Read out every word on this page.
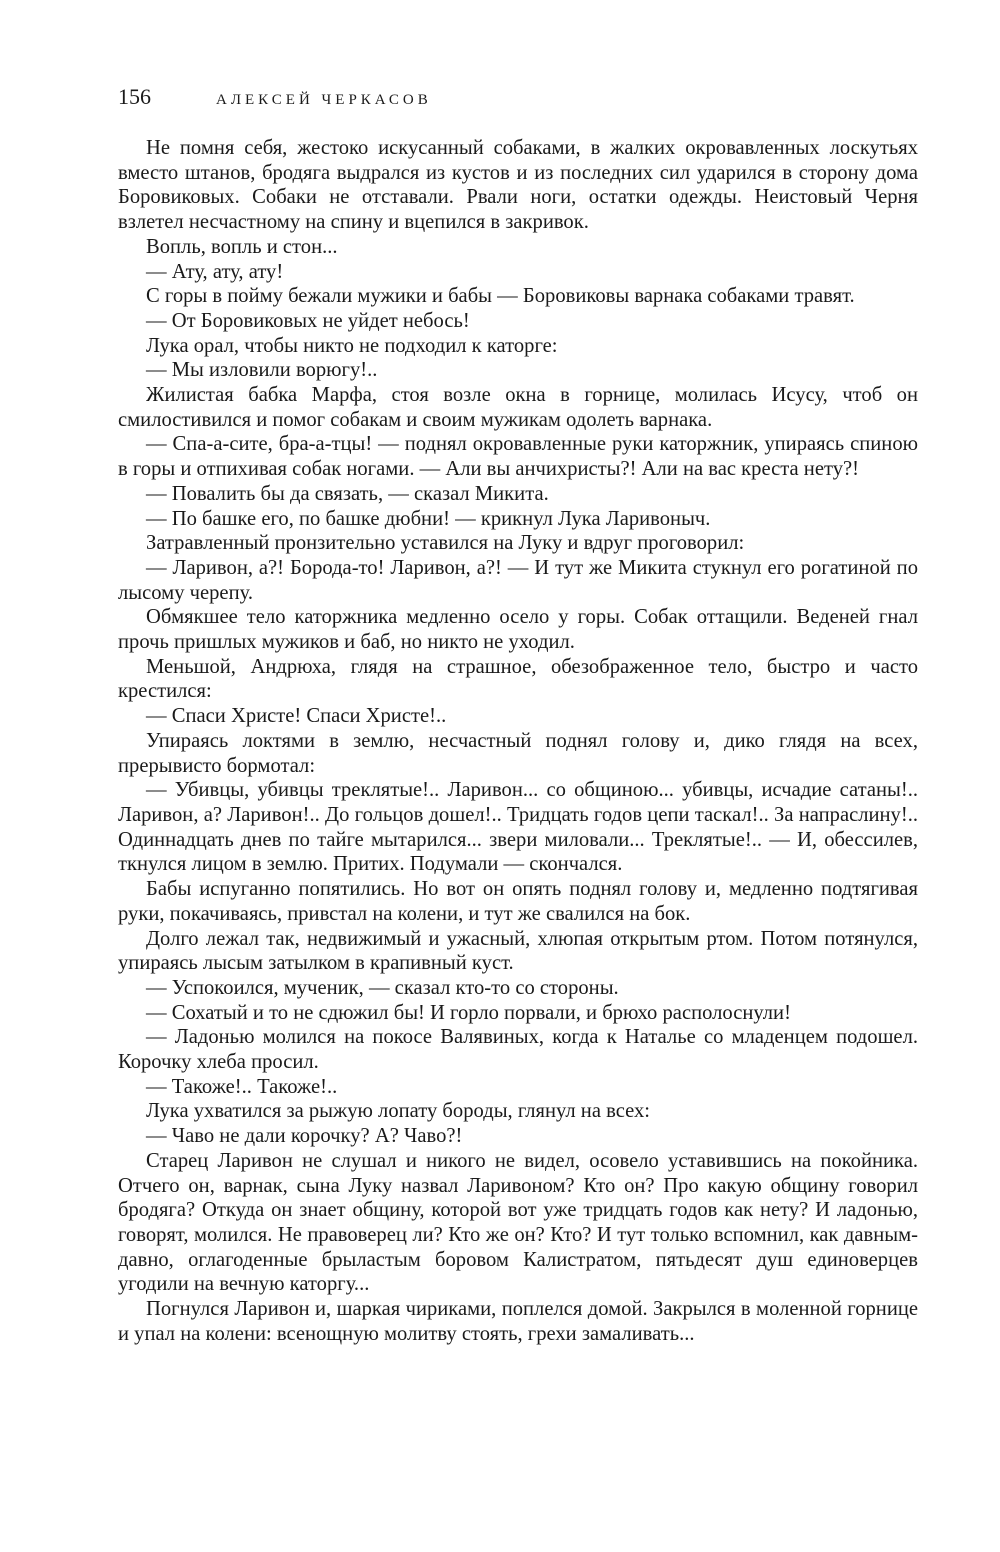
156	АЛЕКСЕЙ ЧЕРКАСОВ

Не помня себя, жестоко искусанный собаками, в жалких окровавленных лоскутьях вместо штанов, бродяга выдрался из кустов и из последних сил ударился в сторону дома Боровиковых. Собаки не отставали. Рвали ноги, остатки одежды. Неистовый Черня взлетел несчастному на спину и вцепился в закривок.

Вопль, вопль и стон...

— Ату, ату, ату!

С горы в пойму бежали мужики и бабы — Боровиковы варнака собаками травят.

— От Боровиковых не уйдет небось!

Лука орал, чтобы никто не подходил к каторге:

— Мы изловили ворюгу!..

Жилистая бабка Марфа, стоя возле окна в горнице, молилась Исусу, чтоб он смилостивился и помог собакам и своим мужикам одолеть варнака.

— Спа-а-сите, бра-а-тцы! — поднял окровавленные руки каторжник, упираясь спиною в горы и отпихивая собак ногами. — Али вы анчихристы?! Али на вас креста нету?!

— Повалить бы да связать, — сказал Микита.

— По башке его, по башке дюбни! — крикнул Лука Ларивоныч.

Затравленный пронзительно уставился на Луку и вдруг проговорил:

— Ларивон, а?! Борода-то! Ларивон, а?! — И тут же Микита стукнул его рогатиной по лысому черепу.

Обмякшее тело каторжника медленно осело у горы. Собак оттащили. Веденей гнал прочь пришлых мужиков и баб, но никто не уходил.

Меньшой, Андрюха, глядя на страшное, обезображенное тело, быстро и часто крестился:

— Спаси Христе! Спаси Христе!..

Упираясь локтями в землю, несчастный поднял голову и, дико глядя на всех, прерывисто бормотал:

— Убивцы, убивцы треклятые!.. Ларивон... со общиною... убивцы, исчадие сатаны!.. Ларивон, а? Ларивон!.. До гольцов дошел!.. Тридцать годов цепи таскал!.. За напраслину!.. Одиннадцать днев по тайге мытарился... звери миловали... Треклятые!.. — И, обессилев, ткнулся лицом в землю. Притих. Подумали — скончался.

Бабы испуганно попятились. Но вот он опять поднял голову и, медленно подтягивая руки, покачиваясь, привстал на колени, и тут же свалился на бок.

Долго лежал так, недвижимый и ужасный, хлюпая открытым ртом. Потом потянулся, упираясь лысым затылком в крапивный куст.

— Успокоился, мученик, — сказал кто-то со стороны.

— Сохатый и то не сдюжил бы! И горло порвали, и брюхо располоснули!

— Ладонью молился на покосе Валявиных, когда к Наталье со младенцем подошел. Корочку хлеба просил.

— Такоже!.. Такоже!..

Лука ухватился за рыжую лопату бороды, глянул на всех:

— Чаво не дали корочку? А? Чаво?!

Старец Ларивон не слушал и никого не видел, осовело уставившись на покойника. Отчего он, варнак, сына Луку назвал Ларивоном? Кто он? Про какую общину говорил бродяга? Откуда он знает общину, которой вот уже тридцать годов как нету? И ладонью, говорят, молился. Не правоверец ли? Кто же он? Кто? И тут только вспомнил, как давным-давно, оглагоденные брыластым боровом Калистратом, пятьдесят душ единоверцев угодили на вечную каторгу...

Погнулся Ларивон и, шаркая чириками, поплелся домой. Закрылся в моленной горнице и упал на колени: всенощную молитву стоять, грехи замаливать...
